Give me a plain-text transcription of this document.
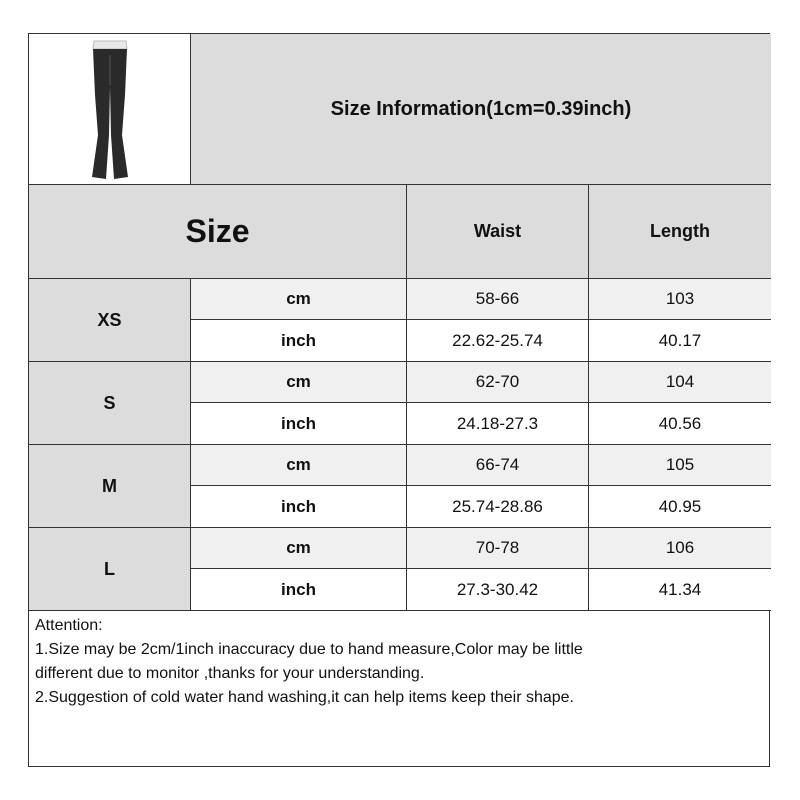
Size Information(1cm=0.39inch)
Size	Waist	Length
XS
cm	58-66	103
inch	22.62-25.74	40.17
S
cm	62-70	104
inch	24.18-27.3	40.56
M
cm	66-74	105
inch	25.74-28.86	40.95
L
cm	70-78	106
inch	27.3-30.42	41.34
Attention:
1.Size may be 2cm/1inch inaccuracy due to hand measure,Color may be little
different due to monitor ,thanks for your understanding.
2.Suggestion of cold water hand washing,it can help items keep their shape.
